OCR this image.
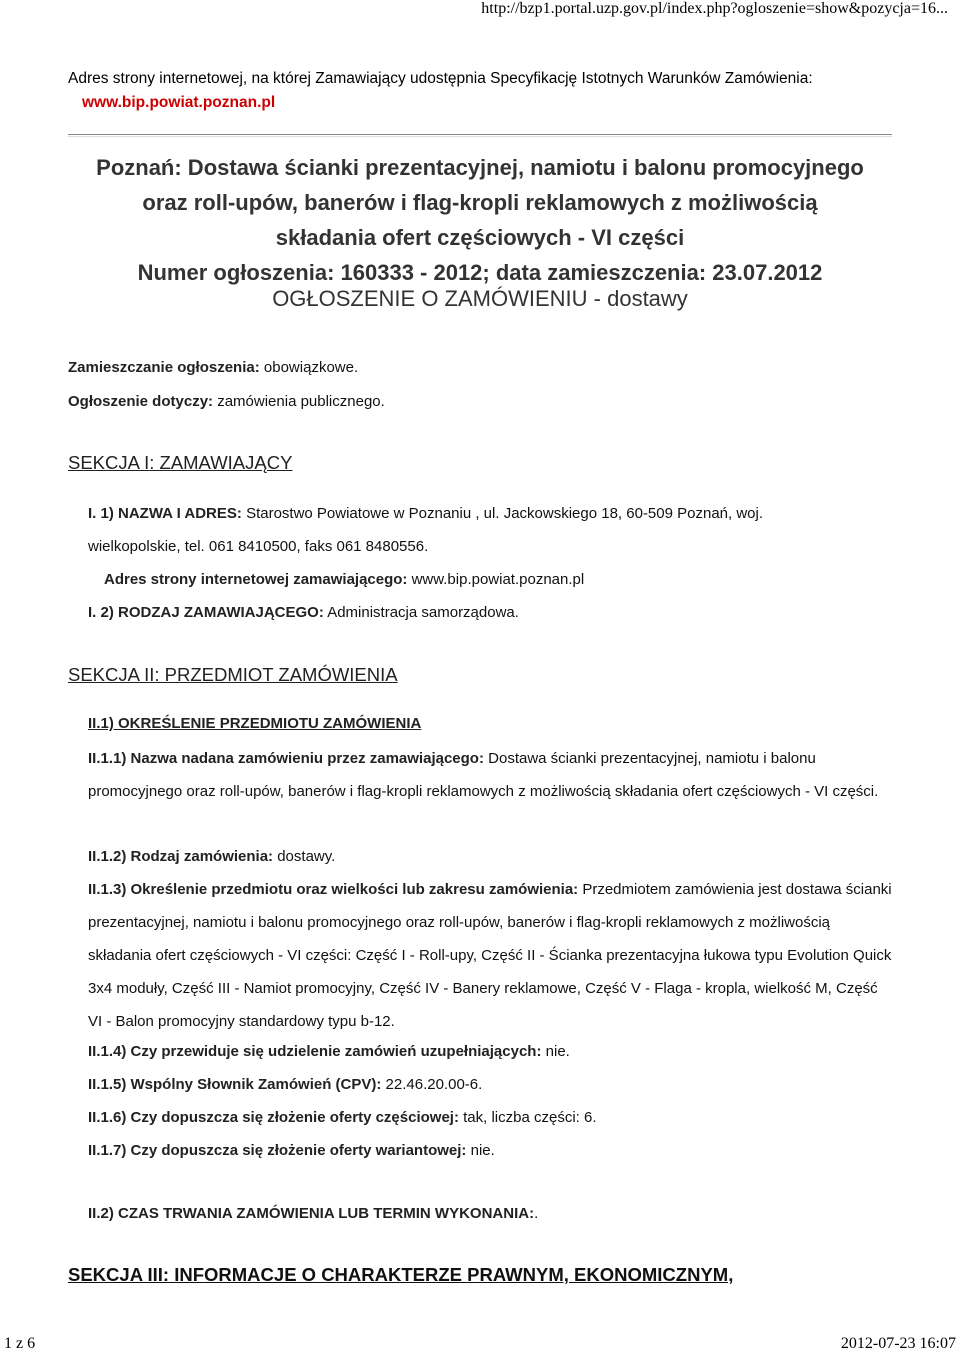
http://bzp1.portal.uzp.gov.pl/index.php?ogloszenie=show&pozycja=16...
Adres strony internetowej, na której Zamawiający udostępnia Specyfikację Istotnych Warunków Zamówienia:
www.bip.powiat.poznan.pl
Poznań: Dostawa ścianki prezentacyjnej, namiotu i balonu promocyjnego
oraz roll-upów, banerów i flag-kropli reklamowych z możliwością
składania ofert częściowych - VI części
Numer ogłoszenia: 160333 - 2012; data zamieszczenia: 23.07.2012
OGŁOSZENIE O ZAMÓWIENIU - dostawy
Zamieszczanie ogłoszenia: obowiązkowe.
Ogłoszenie dotyczy: zamówienia publicznego.
SEKCJA I: ZAMAWIAJĄCY
I. 1) NAZWA I ADRES: Starostwo Powiatowe w Poznaniu , ul. Jackowskiego 18, 60-509 Poznań, woj.
wielkopolskie, tel. 061 8410500, faks 061 8480556.
Adres strony internetowej zamawiającego: www.bip.powiat.poznan.pl
I. 2) RODZAJ ZAMAWIAJĄCEGO: Administracja samorządowa.
SEKCJA II: PRZEDMIOT ZAMÓWIENIA
II.1) OKREŚLENIE PRZEDMIOTU ZAMÓWIENIA
II.1.1) Nazwa nadana zamówieniu przez zamawiającego: Dostawa ścianki prezentacyjnej, namiotu i balonu promocyjnego oraz roll-upów, banerów i flag-kropli reklamowych z możliwością składania ofert częściowych - VI części.
II.1.2) Rodzaj zamówienia: dostawy.
II.1.3) Określenie przedmiotu oraz wielkości lub zakresu zamówienia: Przedmiotem zamówienia jest dostawa ścianki prezentacyjnej, namiotu i balonu promocyjnego oraz roll-upów, banerów i flag-kropli reklamowych z możliwością składania ofert częściowych - VI części: Część I - Roll-upy, Część II - Ścianka prezentacyjna łukowa typu Evolution Quick 3x4 moduły, Część III - Namiot promocyjny, Część IV - Banery reklamowe, Część V - Flaga - kropla, wielkość M, Część VI - Balon promocyjny standardowy typu b-12.
II.1.4) Czy przewiduje się udzielenie zamówień uzupełniających: nie.
II.1.5) Wspólny Słownik Zamówień (CPV): 22.46.20.00-6.
II.1.6) Czy dopuszcza się złożenie oferty częściowej: tak, liczba części: 6.
II.1.7) Czy dopuszcza się złożenie oferty wariantowej: nie.
II.2) CZAS TRWANIA ZAMÓWIENIA LUB TERMIN WYKONANIA:.
SEKCJA III: INFORMACJE O CHARAKTERZE PRAWNYM, EKONOMICZNYM,
1 z 6	2012-07-23 16:07
